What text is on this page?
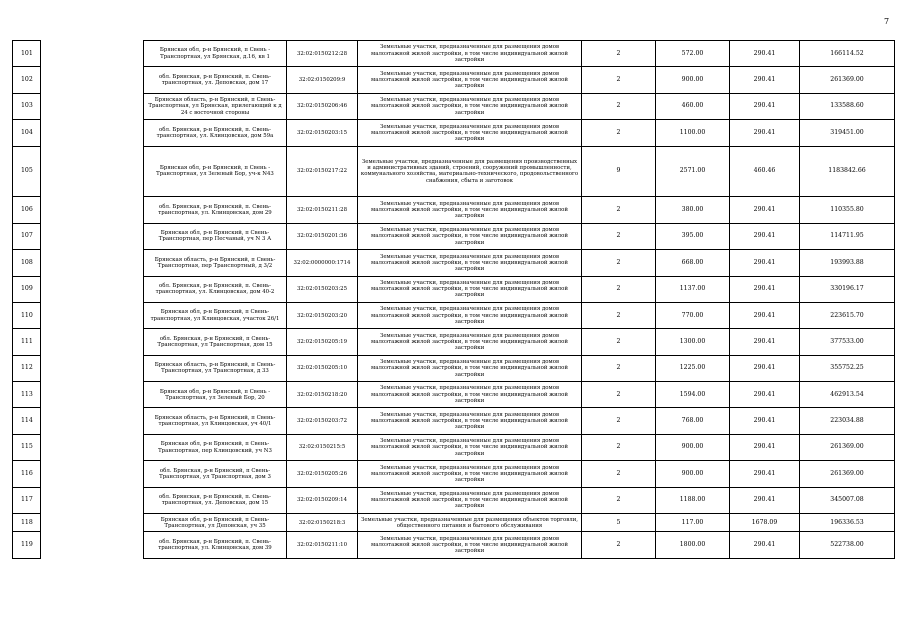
7
101		Брянская обл, р-н Брянский, п Свень - Транспортная, ул Брянская, д.16, кв 1	32:02:0150212:28	Земельные участки, предназначенные для размещения домов малоэтажной жилой застройки, в том числе индивидуальной жилой застройки	2	572.00	290.41	166114.52
102		обл. Брянская, р-н Брянский, п. Свень-транспортная, ул. Деповская, дом 17	32:02:0150209:9	Земельные участки, предназначенные для размещения домов малоэтажной жилой застройки, в том числе индивидуальной жилой застройки	2	900.00	290.41	261369.00
103		Брянская область, р-н Брянский, п Свень-Транспортная, ул Брянская, прилегающий к д 24 с восточной стороны	32:02:0150206:46	Земельные участки, предназначенные для размещения домов малоэтажной жилой застройки, в том числе индивидуальной жилой застройки	2	460.00	290.41	133588.60
104		обл. Брянская, р-н Брянский, п. Свень-транспортная, ул. Клинцовская, дом 59а	32:02:0150203:15	Земельные участки, предназначенные для размещения домов малоэтажной жилой застройки, в том числе индивидуальной жилой застройки	2	1100.00	290.41	319451.00
105		Брянская обл, р-н Брянский, п Свень - Транспортная, ул Зеленый Бор, уч-к N43	32:02:0150217:22	Земельные участки, предназначенные для размещения производственных и административных зданий, строений, сооружений промышленности, коммунального хозяйства, материально-технического, продовольственного снабжения, сбыта и заготовок	9	2571.00	460.46	1183842.66
106		обл. Брянская, р-н Брянский, п. Свень-транспортная, ул. Клинцовская, дом 29	32:02:0150211:28	Земельные участки, предназначенные для размещения домов малоэтажной жилой застройки, в том числе индивидуальной жилой застройки	2	380.00	290.41	110355.80
107		Брянская обл, р-н Брянский, п Свень-Транспортная, пер Песчаный, уч N 3 А	32:02:0150201:36	Земельные участки, предназначенные для размещения домов малоэтажной жилой застройки, в том числе индивидуальной жилой застройки	2	395.00	290.41	114711.95
108		Брянская область, р-н Брянский, п Свень-Транспортная, пер Транспортный, д 3/2	32:02:0000000:1714	Земельные участки, предназначенные для размещения домов малоэтажной жилой застройки, в том числе индивидуальной жилой застройки	2	668.00	290.41	193993.88
109		обл. Брянская, р-н Брянский, п. Свень-транспортная, ул. Клинцовская, дом 40-2	32:02:0150203:25	Земельные участки, предназначенные для размещения домов малоэтажной жилой застройки, в том числе индивидуальной жилой застройки	2	1137.00	290.41	330196.17
110		Брянская обл, р-н Брянский, п Свень-транспортная, ул Клинцовская, участок 26/1	32:02:0150203:20	Земельные участки, предназначенные для размещения домов малоэтажной жилой застройки, в том числе индивидуальной жилой застройки	2	770.00	290.41	223615.70
111		обл. Брянская, р-н Брянский, п Свень-Транспортная, ул Транспортная, дом 15	32:02:0150205:19	Земельные участки, предназначенные для размещения домов малоэтажной жилой застройки, в том числе индивидуальной жилой застройки	2	1300.00	290.41	377533.00
112		Брянская область, р-н Брянский, п Свень-Транспортная, ул Транспортная, д 33	32:02:0150205:10	Земельные участки, предназначенные для размещения домов малоэтажной жилой застройки, в том числе индивидуальной жилой застройки	2	1225.00	290.41	355752.25
113		Брянская обл, р-н Брянский, п Свень - Транспортная, ул Зеленый Бор, 20	32:02:0150218:20	Земельные участки, предназначенные для размещения домов малоэтажной жилой застройки, в том числе индивидуальной жилой застройки	2	1594.00	290.41	462913.54
114		Брянская область, р-н Брянский, п Свень-транспортная, ул Клинцовская, уч 40/1	32:02:0150203:72	Земельные участки, предназначенные для размещения домов малоэтажной жилой застройки, в том числе индивидуальной жилой застройки	2	768.00	290.41	223034.88
115		Брянская обл, р-н Брянский, п Свень-Транспортная, пер Клинцовский, уч N3	32:02:0150215:5	Земельные участки, предназначенные для размещения домов малоэтажной жилой застройки, в том числе индивидуальной жилой застройки	2	900.00	290.41	261369.00
116		обл. Брянская, р-н Брянский, п Свень-Транспортная, ул Транспортная, дом 3	32:02:0150205:26	Земельные участки, предназначенные для размещения домов малоэтажной жилой застройки, в том числе индивидуальной жилой застройки	2	900.00	290.41	261369.00
117		обл. Брянская, р-н Брянский, п. Свень-транспортная, ул. Деповская, дом 15	32:02:0150209:14	Земельные участки, предназначенные для размещения домов малоэтажной жилой застройки, в том числе индивидуальной жилой застройки	2	1188.00	290.41	345007.08
118		Брянская обл, р-н Брянский, п Свень-Транспортная, ул Деповская, уч 35	32:02:0150218:3	Земельные участки, предназначенные для размещения объектов торговли, общественного питания и бытового обслуживания	5	117.00	1678.09	196336.53
119		обл. Брянская, р-н Брянский, п. Свень-транспортная, ул. Клинцовская, дом 39	32:02:0150211:10	Земельные участки, предназначенные для размещения домов малоэтажной жилой застройки, в том числе индивидуальной жилой застройки	2	1800.00	290.41	522738.00
